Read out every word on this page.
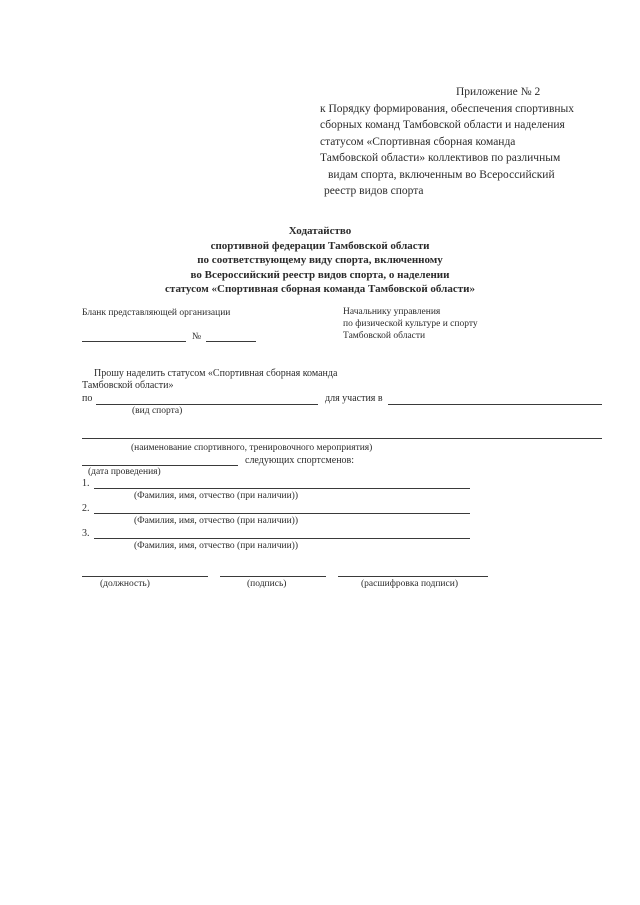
Приложение № 2
к Порядку формирования, обеспечения спортивных
сборных команд Тамбовской области и наделения
статусом «Спортивная сборная команда
Тамбовской области» коллективов по различным
видам спорта, включенным во Всероссийский
реестр видов спорта
Ходатайство
спортивной федерации Тамбовской области
по соответствующему виду спорта, включенному
во Всероссийский реестр видов спорта, о наделении
статусом «Спортивная сборная команда Тамбовской области»
Бланк представляющей организации
№
Начальнику управления
по физической культуре и спорту
Тамбовской области
Прошу наделить статусом «Спортивная сборная команда
Тамбовской области»
по	для участия в
(вид спорта)
(наименование спортивного, тренировочного мероприятия)
следующих спортсменов:
(дата проведения)
1.
(Фамилия, имя, отчество (при наличии))
2.
(Фамилия, имя, отчество (при наличии))
3.
(Фамилия, имя, отчество (при наличии))
(должность)	(подпись)	(расшифровка подписи)
